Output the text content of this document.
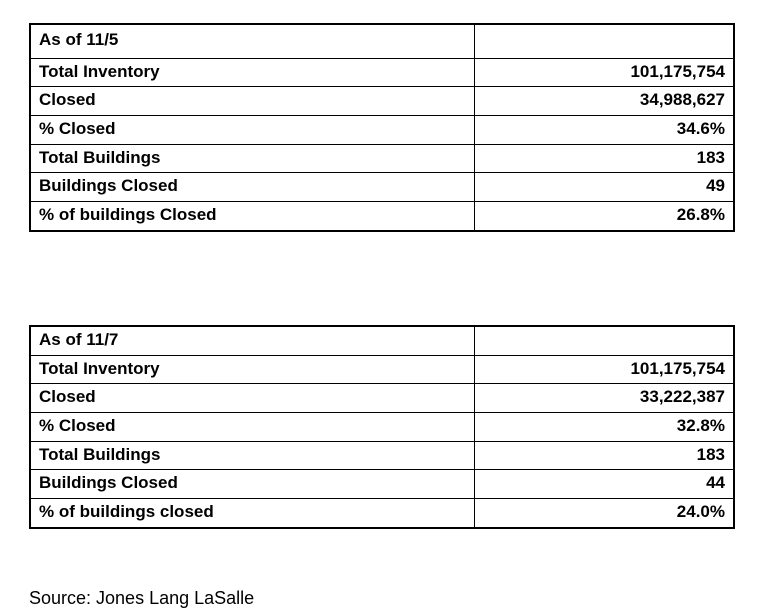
As of 11/5	
Total Inventory	101,175,754
Closed	34,988,627
% Closed	34.6%
Total Buildings	183
Buildings Closed	49
% of buildings Closed	26.8%
As of 11/7	
Total Inventory	101,175,754
Closed	33,222,387
% Closed	32.8%
Total Buildings	183
Buildings Closed	44
% of buildings closed	24.0%
Source: Jones Lang LaSalle
